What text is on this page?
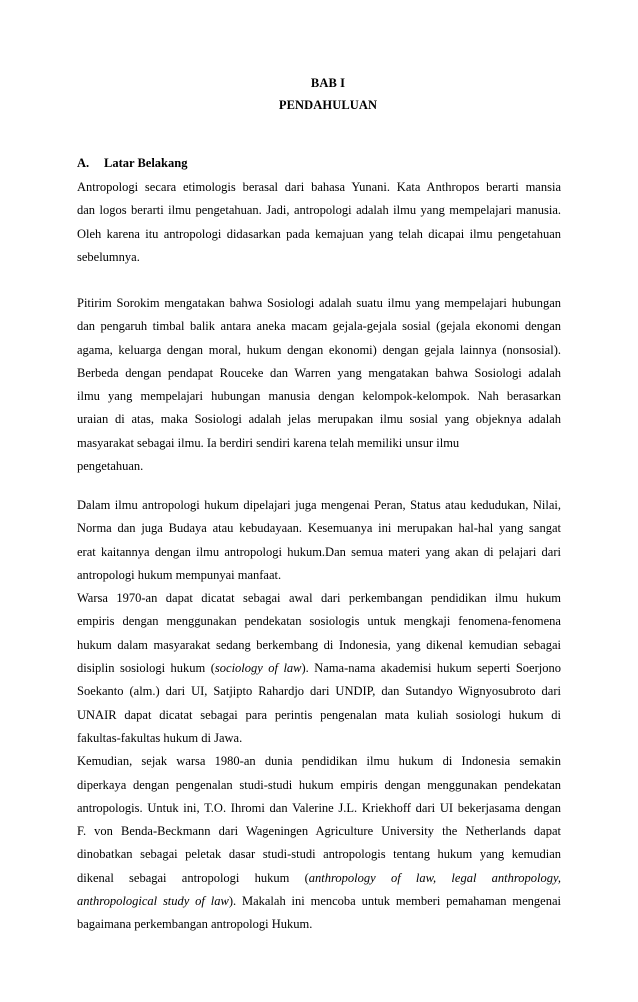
BAB I
PENDAHULUAN
A. Latar Belakang
Antropologi secara etimologis berasal dari bahasa Yunani. Kata Anthropos berarti mansia
dan logos berarti ilmu pengetahuan. Jadi, antropologi adalah ilmu yang mempelajari manusia.
Oleh karena itu antropologi didasarkan pada kemajuan yang telah dicapai ilmu pengetahuan
sebelumnya.
Pitirim Sorokim mengatakan bahwa Sosiologi adalah suatu ilmu yang mempelajari hubungan
dan pengaruh timbal balik antara aneka macam gejala-gejala sosial (gejala ekonomi dengan
agama, keluarga dengan moral, hukum dengan ekonomi) dengan gejala lainnya (nonsosial).
Berbeda dengan pendapat Rouceke dan Warren yang mengatakan bahwa Sosiologi adalah
ilmu yang mempelajari hubungan manusia dengan kelompok-kelompok. Nah berasarkan
uraian di atas, maka Sosiologi adalah jelas merupakan ilmu sosial yang objeknya adalah
masyarakat sebagai ilmu. Ia berdiri sendiri karena telah memiliki unsur ilmu
pengetahuan.
Dalam ilmu antropologi hukum dipelajari juga mengenai Peran, Status atau kedudukan, Nilai,
Norma dan juga Budaya atau kebudayaan. Kesemuanya ini merupakan hal-hal yang sangat
erat kaitannya dengan ilmu antropologi hukum.Dan semua materi yang akan di pelajari dari
antropologi hukum mempunyai manfaat.
Warsa 1970-an dapat dicatat sebagai awal dari perkembangan pendidikan ilmu hukum
empiris dengan menggunakan pendekatan sosiologis untuk mengkaji fenomena-fenomena
hukum dalam masyarakat sedang berkembang di Indonesia, yang dikenal kemudian sebagai
disiplin sosiologi hukum (sociology of law). Nama-nama akademisi hukum seperti Soerjono
Soekanto (alm.) dari UI, Satjipto Rahardjo dari UNDIP, dan Sutandyo Wignyosubroto dari
UNAIR dapat dicatat sebagai para perintis pengenalan mata kuliah sosiologi hukum di
fakultas-fakultas hukum di Jawa.
Kemudian, sejak warsa 1980-an dunia pendidikan ilmu hukum di Indonesia semakin
diperkaya dengan pengenalan studi-studi hukum empiris dengan menggunakan pendekatan
antropologis. Untuk ini, T.O. Ihromi dan Valerine J.L. Kriekhoff dari UI bekerjasama dengan
F. von Benda-Beckmann dari Wageningen Agriculture University the Netherlands dapat
dinobatkan sebagai peletak dasar studi-studi antropologis tentang hukum yang kemudian
dikenal sebagai antropologi hukum (anthropology of law, legal anthropology,
anthropological study of law). Makalah ini mencoba untuk memberi pemahaman mengenai
bagaimana perkembangan antropologi Hukum.
